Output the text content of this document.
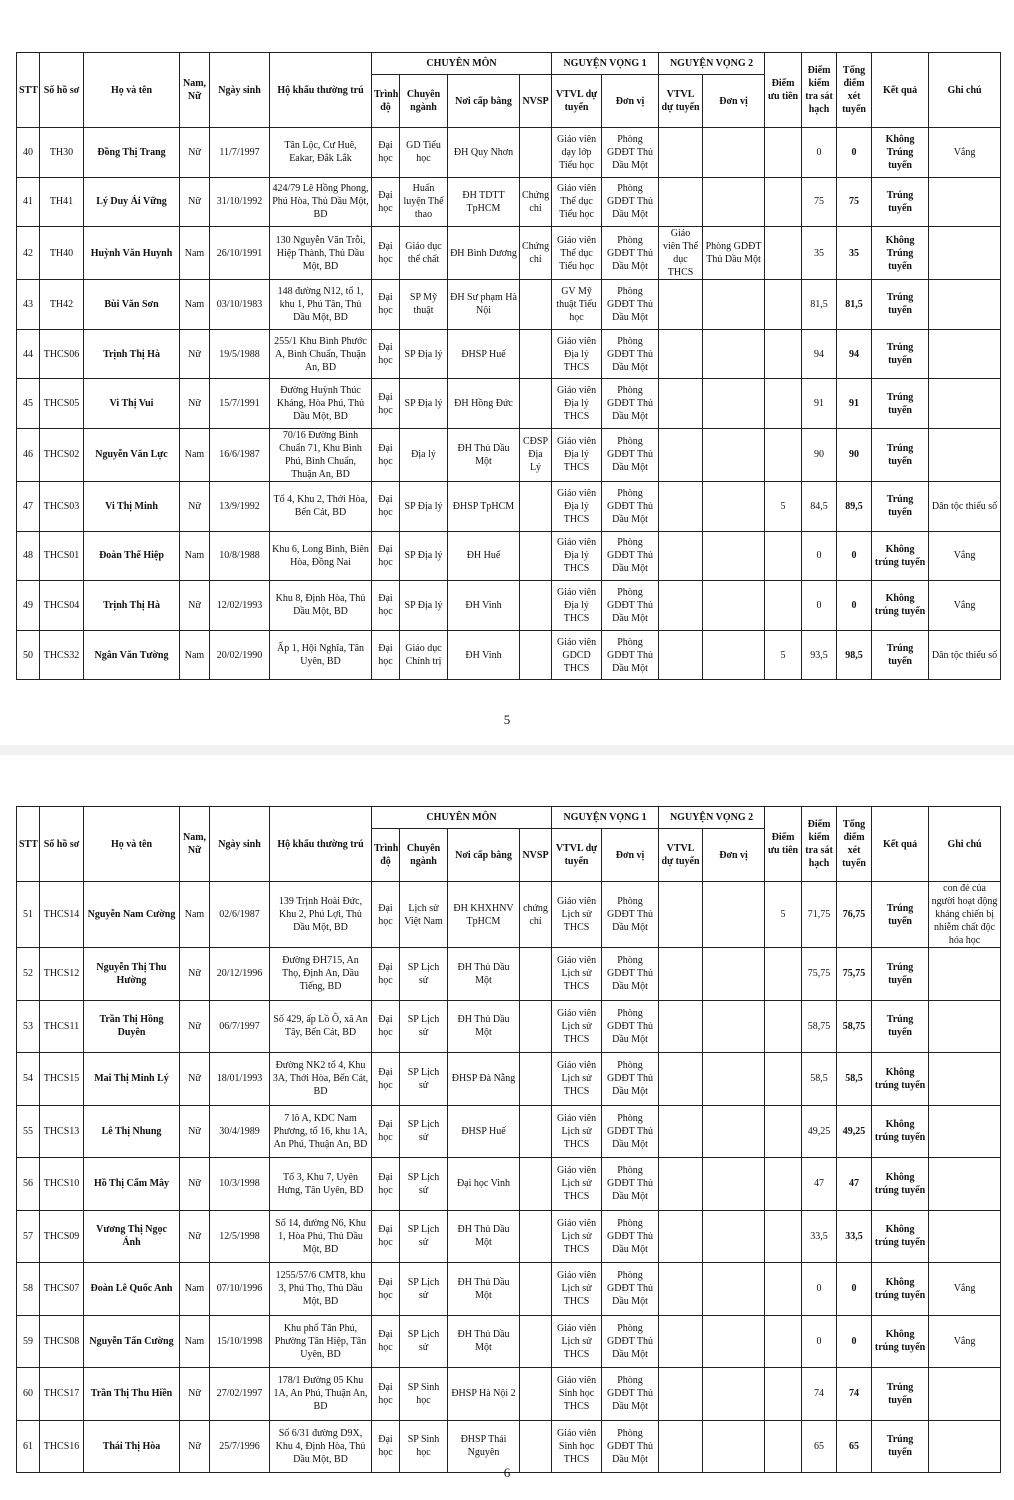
STT	Số hồ sơ	Họ và tên	Nam, Nữ	Ngày sinh	Hộ khẩu thường trú	CHUYÊN MÔN				NGUYỆN VỌNG 1		NGUYỆN VỌNG 2		Điểm ưu tiên	Điểm kiểm tra sát hạch	Tổng điểm xét tuyển	Kết quả	Ghi chú
						Trình độ	Chuyên ngành	Nơi cấp bằng	NVSP	VTVL dự tuyển	Đơn vị	VTVL dự tuyển	Đơn vị					
40	TH30	Đồng Thị Trang	Nữ	11/7/1997	Tân Lộc, Cư Huê, Eakar, Đắk Lắk	Đại học	GD Tiểu học	ĐH Quy Nhơn		Giáo viên dạy lớp Tiểu học	Phòng GDĐT Thủ Dầu Một				0	0	Không Trúng tuyển	Vắng
41	TH41	Lý Duy Ái Vững	Nữ	31/10/1992	424/79 Lê Hồng Phong, Phú Hòa, Thủ Dầu Một, BD	Đại học	Huấn luyện Thể thao	ĐH TDTT TpHCM	Chứng chỉ	Giáo viên Thể dục Tiểu học	Phòng GDĐT Thủ Dầu Một				75	75	Trúng tuyển	
42	TH40	Huỳnh Văn Huynh	Nam	26/10/1991	130 Nguyễn Văn Trỗi, Hiệp Thành, Thủ Dầu Một, BD	Đại học	Giáo dục thể chất	ĐH Bình Dương	Chứng chỉ	Giáo viên Thể dục Tiểu học	Phòng GDĐT Thủ Dầu Một	Giáo viên Thể dục THCS	Phòng GDĐT Thủ Dầu Một		35	35	Không Trúng tuyển	
43	TH42	Bùi Văn Sơn	Nam	03/10/1983	148 đường N12, tổ 1, khu 1, Phú Tân, Thủ Dầu Một, BD	Đại học	SP Mỹ thuật	ĐH Sư phạm Hà Nội		GV Mỹ thuật Tiểu học	Phòng GDĐT Thủ Dầu Một				81,5	81,5	Trúng tuyển	
44	THCS06	Trịnh Thị Hà	Nữ	19/5/1988	255/1 Khu Bình Phước A, Bình Chuẩn, Thuận An, BD	Đại học	SP Địa lý	ĐHSP Huế		Giáo viên Địa lý THCS	Phòng GDĐT Thủ Dầu Một				94	94	Trúng tuyển	
45	THCS05	Vi Thị Vui	Nữ	15/7/1991	Đường Huỳnh Thúc Kháng, Hòa Phú, Thủ Dầu Một, BD	Đại học	SP Địa lý	ĐH Hồng Đức		Giáo viên Địa lý THCS	Phòng GDĐT Thủ Dầu Một				91	91	Trúng tuyển	
46	THCS02	Nguyễn Văn Lực	Nam	16/6/1987	70/16 Đường Bình Chuẩn 71, Khu Bình Phú, Bình Chuẩn, Thuận An, BD	Đại học	Địa lý	ĐH Thủ Dầu Một	CĐSP Địa Lý	Giáo viên Địa lý THCS	Phòng GDĐT Thủ Dầu Một				90	90	Trúng tuyển	
47	THCS03	Vi Thị Minh	Nữ	13/9/1992	Tổ 4, Khu 2, Thới Hòa, Bến Cát, BD	Đại học	SP Địa lý	ĐHSP TpHCM		Giáo viên Địa lý THCS	Phòng GDĐT Thủ Dầu Một			5	84,5	89,5	Trúng tuyển	Dân tộc thiểu số
48	THCS01	Đoàn Thế Hiệp	Nam	10/8/1988	Khu 6, Long Bình, Biên Hòa, Đồng Nai	Đại học	SP Địa lý	ĐH Huế		Giáo viên Địa lý THCS	Phòng GDĐT Thủ Dầu Một				0	0	Không trúng tuyển	Vắng
49	THCS04	Trịnh Thị Hà	Nữ	12/02/1993	Khu 8, Định Hòa, Thủ Dầu Một, BD	Đại học	SP Địa lý	ĐH Vinh		Giáo viên Địa lý THCS	Phòng GDĐT Thủ Dầu Một				0	0	Không trúng tuyển	Vắng
50	THCS32	Ngân Văn Tường	Nam	20/02/1990	Ấp 1, Hội Nghĩa, Tân Uyên, BD	Đại học	Giáo dục Chính trị	ĐH Vinh		Giáo viên GDCD THCS	Phòng GDĐT Thủ Dầu Một			5	93,5	98,5	Trúng tuyển	Dân tộc thiểu số
5
STT	Số hồ sơ	Họ và tên	Nam, Nữ	Ngày sinh	Hộ khẩu thường trú	CHUYÊN MÔN				NGUYỆN VỌNG 1		NGUYỆN VỌNG 2		Điểm ưu tiên	Điểm kiểm tra sát hạch	Tổng điểm xét tuyển	Kết quả	Ghi chú
						Trình độ	Chuyên ngành	Nơi cấp bằng	NVSP	VTVL dự tuyển	Đơn vị	VTVL dự tuyển	Đơn vị					
51	THCS14	Nguyễn Nam Cường	Nam	02/6/1987	139 Trịnh Hoài Đức, Khu 2, Phú Lợi, Thủ Dầu Một, BD	Đại học	Lịch sử Việt Nam	ĐH KHXHNV TpHCM	chứng chỉ	Giáo viên Lịch sử THCS	Phòng GDĐT Thủ Dầu Một			5	71,75	76,75	Trúng tuyển	con đẻ của người hoạt động kháng chiến bị nhiễm chất độc hóa học
52	THCS12	Nguyễn Thị Thu Hường	Nữ	20/12/1996	Đường ĐH715, An Thọ, Định An, Dầu Tiếng, BD	Đại học	SP Lịch sử	ĐH Thủ Dầu Một		Giáo viên Lịch sử THCS	Phòng GDĐT Thủ Dầu Một				75,75	75,75	Trúng tuyển	
53	THCS11	Trần Thị Hồng Duyên	Nữ	06/7/1997	Số 429, ấp Lồ Ô, xã An Tây, Bến Cát, BD	Đại học	SP Lịch sử	ĐH Thủ Dầu Một		Giáo viên Lịch sử THCS	Phòng GDĐT Thủ Dầu Một				58,75	58,75	Trúng tuyển	
54	THCS15	Mai Thị Minh Lý	Nữ	18/01/1993	Đường NK2 tổ 4, Khu 3A, Thới Hòa, Bến Cát, BD	Đại học	SP Lịch sử	ĐHSP Đà Nẵng		Giáo viên Lịch sử THCS	Phòng GDĐT Thủ Dầu Một				58,5	58,5	Không trúng tuyển	
55	THCS13	Lê Thị Nhung	Nữ	30/4/1989	7 lô A, KDC Nam Phương, tổ 16, khu 1A, An Phú, Thuận An, BD	Đại học	SP Lịch sử	ĐHSP Huế		Giáo viên Lịch sử THCS	Phòng GDĐT Thủ Dầu Một				49,25	49,25	Không trúng tuyển	
56	THCS10	Hồ Thị Cẩm Mây	Nữ	10/3/1998	Tổ 3, Khu 7, Uyên Hưng, Tân Uyên, BD	Đại học	SP Lịch sử	Đại học Vinh		Giáo viên Lịch sử THCS	Phòng GDĐT Thủ Dầu Một				47	47	Không trúng tuyển	
57	THCS09	Vương Thị Ngọc Ánh	Nữ	12/5/1998	Số 14, đường N6, Khu 1, Hòa Phú, Thủ Dầu Một, BD	Đại học	SP Lịch sử	ĐH Thủ Dầu Một		Giáo viên Lịch sử THCS	Phòng GDĐT Thủ Dầu Một				33,5	33,5	Không trúng tuyển	
58	THCS07	Đoàn Lê Quốc Anh	Nam	07/10/1996	1255/57/6 CMT8, khu 3, Phú Thọ, Thủ Dầu Một, BD	Đại học	SP Lịch sử	ĐH Thủ Dầu Một		Giáo viên Lịch sử THCS	Phòng GDĐT Thủ Dầu Một				0	0	Không trúng tuyển	Vắng
59	THCS08	Nguyễn Tấn Cường	Nam	15/10/1998	Khu phố Tân Phú, Phường Tân Hiệp, Tân Uyên, BD	Đại học	SP Lịch sử	ĐH Thủ Dầu Một		Giáo viên Lịch sử THCS	Phòng GDĐT Thủ Dầu Một				0	0	Không trúng tuyển	Vắng
60	THCS17	Trần Thị Thu Hiền	Nữ	27/02/1997	178/1 Đường 05 Khu 1A, An Phú, Thuận An, BD	Đại học	SP Sinh học	ĐHSP Hà Nội 2		Giáo viên Sinh học THCS	Phòng GDĐT Thủ Dầu Một				74	74	Trúng tuyển	
61	THCS16	Thái Thị Hòa	Nữ	25/7/1996	Số 6/31 đường D9X, Khu 4, Định Hòa, Thủ Dầu Một, BD	Đại học	SP Sinh học	ĐHSP Thái Nguyên		Giáo viên Sinh học THCS	Phòng GDĐT Thủ Dầu Một				65	65	Trúng tuyển	
6
